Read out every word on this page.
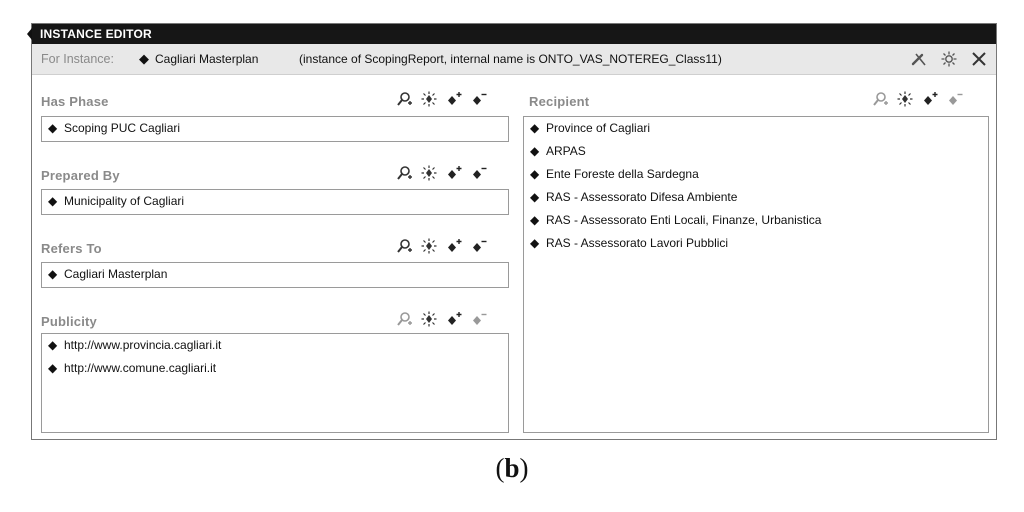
INSTANCE EDITOR
For Instance: ◆ Cagliari Masterplan	(instance of ScopingReport, internal name is ONTO_VAS_NOTEREG_Class11)
Has Phase
◆ Scoping PUC Cagliari
Prepared By
◆ Municipality of Cagliari
Refers To
◆ Cagliari Masterplan
Publicity
◆ http://www.provincia.cagliari.it
◆ http://www.comune.cagliari.it
Recipient
◆ Province of Cagliari
◆ ARPAS
◆ Ente Foreste della Sardegna
◆ RAS - Assessorato Difesa Ambiente
◆ RAS - Assessorato Enti Locali, Finanze, Urbanistica
◆ RAS - Assessorato Lavori Pubblici
(b)
